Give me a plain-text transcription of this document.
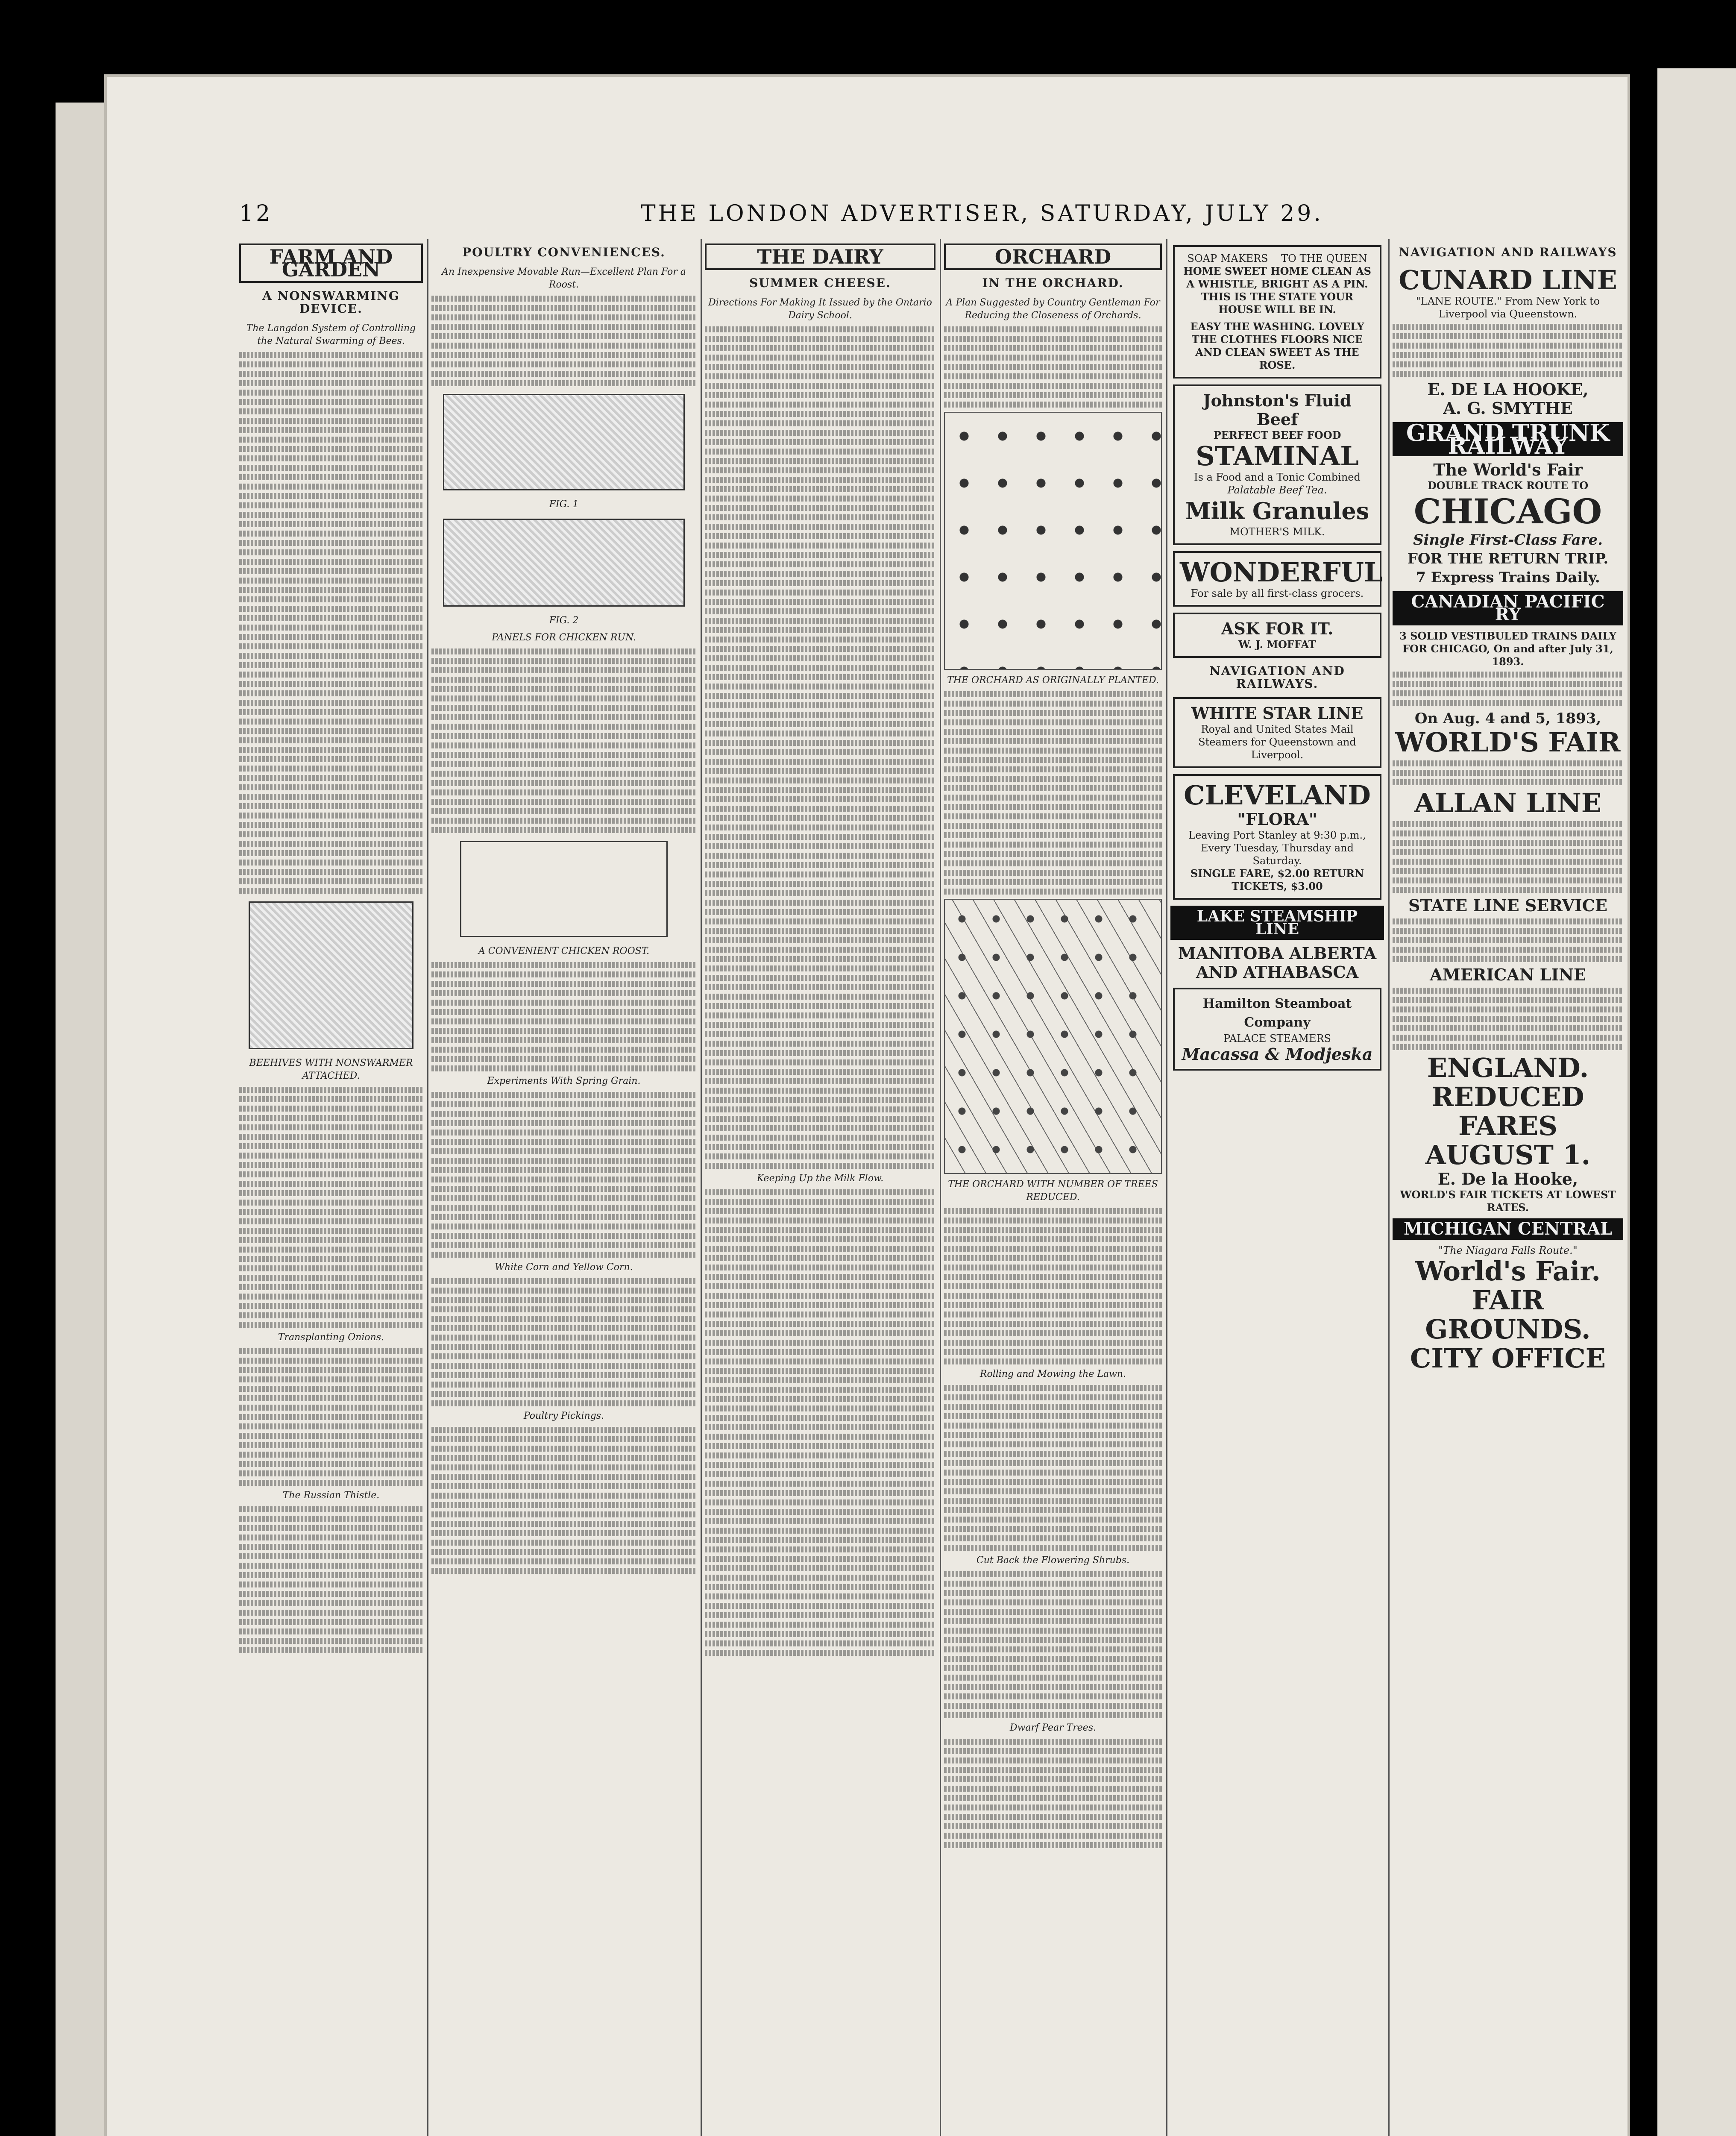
12	THE LONDON ADVERTISER, SATURDAY, JULY 29.
FARM AND GARDEN
A NONSWARMING DEVICE.
The Langdon System of Controlling the Natural Swarming of Bees.
BEEHIVES WITH NONSWARMER ATTACHED.
Transplanting Onions.
The Russian Thistle.
POULTRY CONVENIENCES.
An Inexpensive Movable Run—Excellent Plan For a Roost.
FIG. 1
FIG. 2
PANELS FOR CHICKEN RUN.
A CONVENIENT CHICKEN ROOST.
Experiments With Spring Grain.
White Corn and Yellow Corn.
Poultry Pickings.
THE DAIRY
SUMMER CHEESE.
Directions For Making It Issued by the Ontario Dairy School.
Keeping Up the Milk Flow.
ORCHARD
IN THE ORCHARD.
A Plan Suggested by Country Gentleman For Reducing the Closeness of Orchards.
THE ORCHARD AS ORIGINALLY PLANTED.
THE ORCHARD WITH NUMBER OF TREES REDUCED.
Rolling and Mowing the Lawn.
Cut Back the Flowering Shrubs.
Dwarf Pear Trees.
SOAP MAKERS TO THE QUEEN
HOME SWEET HOME CLEAN AS A WHISTLE, BRIGHT AS A PIN. THIS IS THE STATE YOUR HOUSE WILL BE IN.
EASY THE WASHING. LOVELY THE CLOTHES FLOORS NICE AND CLEAN SWEET AS THE ROSE.
Johnston's Fluid Beef
PERFECT BEEF FOOD
STAMINAL
Is a Food and a Tonic Combined
Palatable Beef Tea.
Milk Granules
MOTHER'S MILK.
WONDERFUL
For sale by all first-class grocers.
ASK FOR IT.
W. J. MOFFAT
NAVIGATION AND RAILWAYS.
WHITE STAR LINE
Royal and United States Mail Steamers for Queenstown and Liverpool.
CLEVELAND
"FLORA"
Leaving Port Stanley at 9:30 p.m., Every Tuesday, Thursday and Saturday.
SINGLE FARE, $2.00 RETURN TICKETS, $3.00
LAKE STEAMSHIP LINE
MANITOBA ALBERTA AND ATHABASCA
Hamilton Steamboat Company
PALACE STEAMERS
Macassa & Modjeska
NAVIGATION AND RAILWAYS
CUNARD LINE
"LANE ROUTE." From New York to Liverpool via Queenstown.
E. DE LA HOOKE,
A. G. SMYTHE
GRAND TRUNK RAILWAY
The World's Fair
DOUBLE TRACK ROUTE TO
CHICAGO
Single First-Class Fare.
FOR THE RETURN TRIP.
7 Express Trains Daily.
CANADIAN PACIFIC RY
3 SOLID VESTIBULED TRAINS DAILY FOR CHICAGO, On and after July 31, 1893.
On Aug. 4 and 5, 1893,
WORLD'S FAIR
ALLAN LINE
STATE LINE SERVICE
AMERICAN LINE
ENGLAND.
REDUCED FARES
AUGUST 1.
E. De la Hooke,
WORLD'S FAIR TICKETS AT LOWEST RATES.
MICHIGAN CENTRAL
"The Niagara Falls Route."
World's Fair.
FAIR GROUNDS.
CITY OFFICE
